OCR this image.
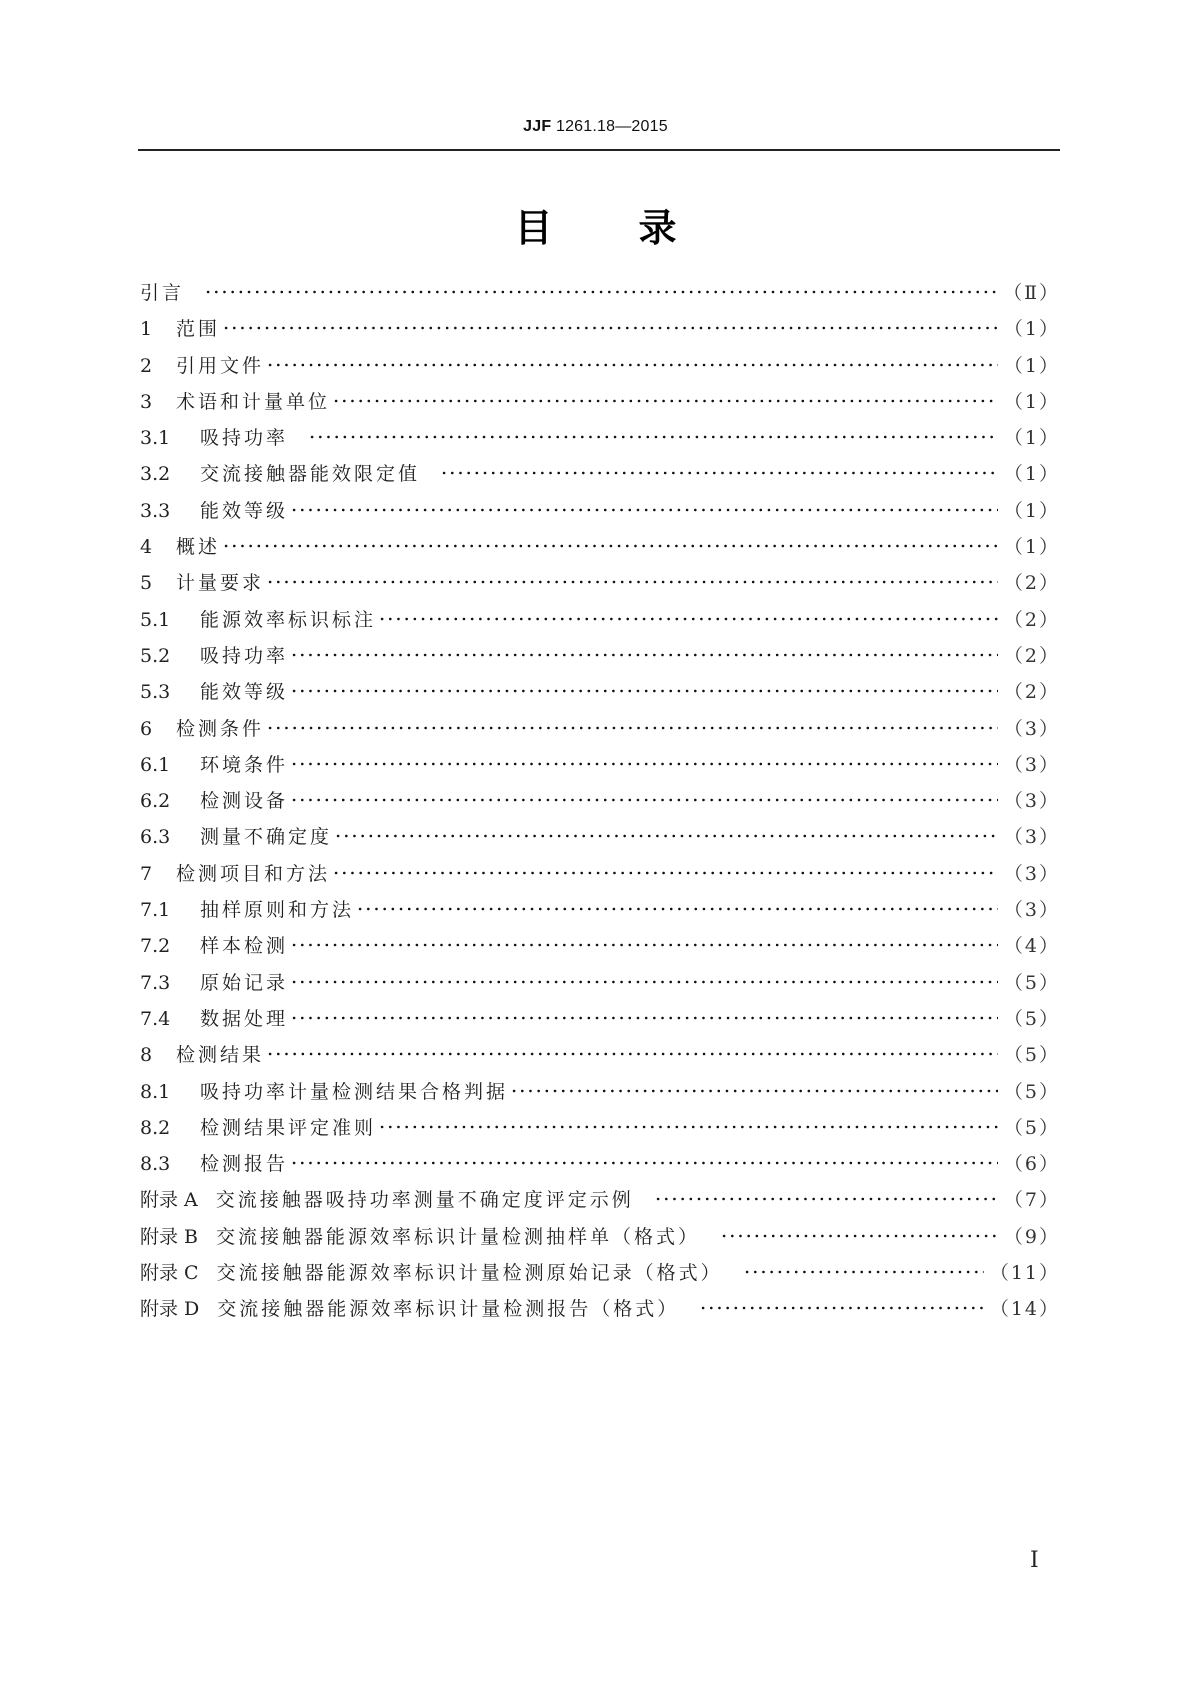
JJF 1261.18—2015
目 录
引言	（Ⅱ）
1	范围	（1）
2	引用文件	（1）
3	术语和计量单位	（1）
3.1	吸持功率	（1）
3.2	交流接触器能效限定值	（1）
3.3	能效等级	（1）
4	概述	（1）
5	计量要求	（2）
5.1	能源效率标识标注	（2）
5.2	吸持功率	（2）
5.3	能效等级	（2）
6	检测条件	（3）
6.1	环境条件	（3）
6.2	检测设备	（3）
6.3	测量不确定度	（3）
7	检测项目和方法	（3）
7.1	抽样原则和方法	（3）
7.2	样本检测	（4）
7.3	原始记录	（5）
7.4	数据处理	（5）
8	检测结果	（5）
8.1	吸持功率计量检测结果合格判据	（5）
8.2	检测结果评定准则	（5）
8.3	检测报告	（6）
附录 A 交流接触器吸持功率测量不确定度评定示例	（7）
附录 B 交流接触器能源效率标识计量检测抽样单（格式）	（9）
附录 C 交流接触器能源效率标识计量检测原始记录（格式）	（11）
附录 D 交流接触器能源效率标识计量检测报告（格式）	（14）
Ⅰ
